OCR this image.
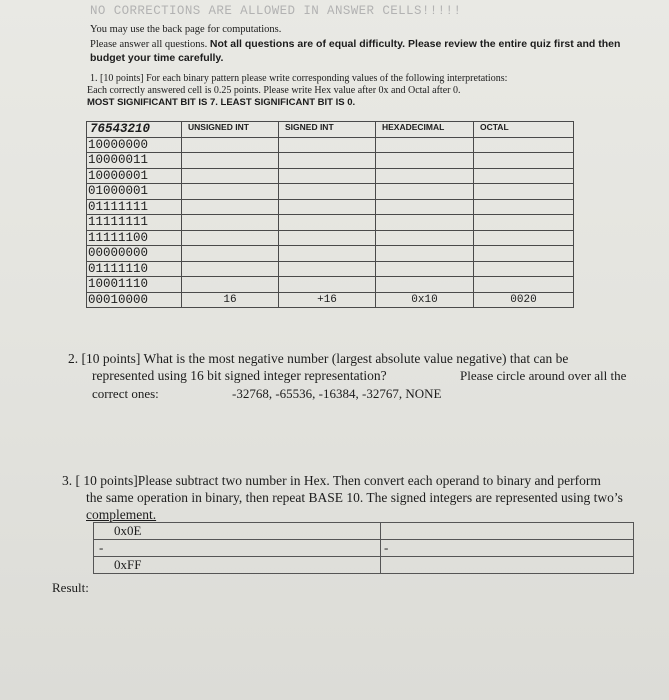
NO CORRECTIONS ARE ALLOWED IN ANSWER CELLS!!!!!
You may use the back page for computations.
Please answer all questions. Not all questions are of equal difficulty. Please review the entire quiz first and then
budget your time carefully.
1. [10 points] For each binary pattern please write corresponding values of the following interpretations:
Each correctly answered cell is 0.25 points. Please write Hex value after 0x and Octal after 0.
MOST SIGNIFICANT BIT IS 7. LEAST SIGNIFICANT BIT IS 0.
76543210	UNSIGNED INT	SIGNED INT	HEXADECIMAL	OCTAL
10000000				
10000011				
10000001				
01000001				
01111111				
11111111				
11111100				
00000000				
01111110				
10001110				
00010000	16	+16	0x10	0020
2. [10 points] What is the most negative number (largest absolute value negative) that can be
represented using 16 bit signed integer representation?	Please circle around over all the
correct ones:	-32768, -65536, -16384, -32767, NONE
3. [ 10 points]Please subtract two number in Hex. Then convert each operand to binary and perform
the same operation in binary, then repeat BASE 10. The signed integers are represented using two’s
complement.
0x0E	
-	-
0xFF	
Result:
